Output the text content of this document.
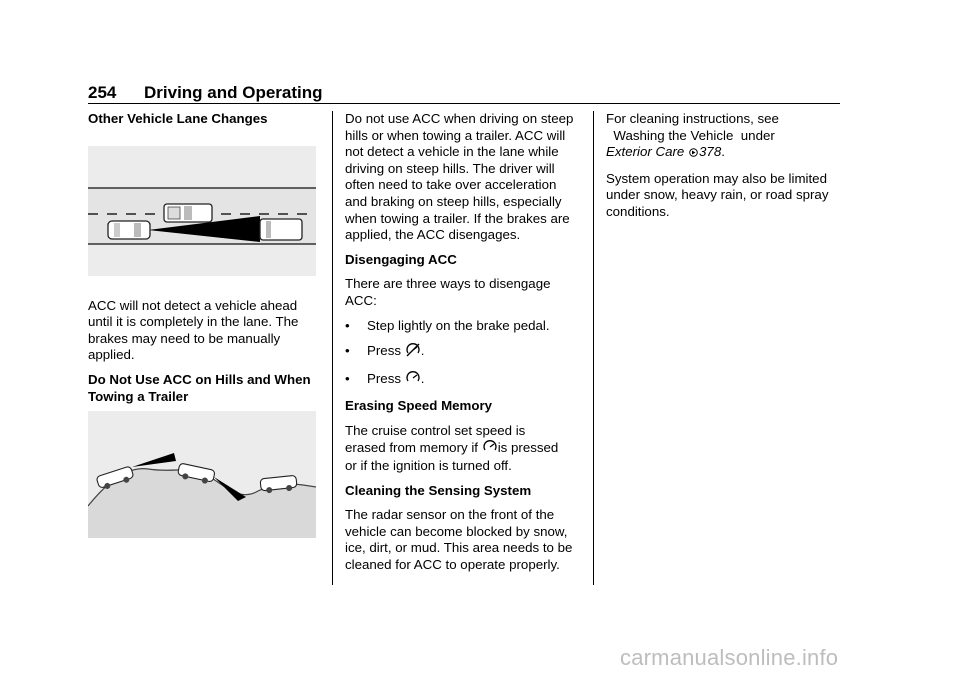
254 Driving and Operating
Other Vehicle Lane Changes

ACC will not detect a vehicle ahead until it is completely in the lane. The brakes may need to be manually applied.

Do Not Use ACC on Hills and When Towing a Trailer

Do not use ACC when driving on steep hills or when towing a trailer. ACC will not detect a vehicle in the lane while driving on steep hills. The driver will often need to take over acceleration and braking on steep hills, especially when towing a trailer. If the brakes are applied, the ACC disengages.

Disengaging ACC

There are three ways to disengage ACC:

•	Step lightly on the brake pedal.
•	Press .
•	Press .
Erasing Speed Memory

The cruise control set speed is
erased from memory if is pressed
or if the ignition is turned off.

Cleaning the Sensing System

The radar sensor on the front of the vehicle can become blocked by snow, ice, dirt, or mud. This area needs to be cleaned for ACC to operate properly.

For cleaning instructions, see
Washing the Vehicle under
Exterior Care 378.

System operation may also be limited under snow, heavy rain, or road spray conditions.

carmanualsonline.info
